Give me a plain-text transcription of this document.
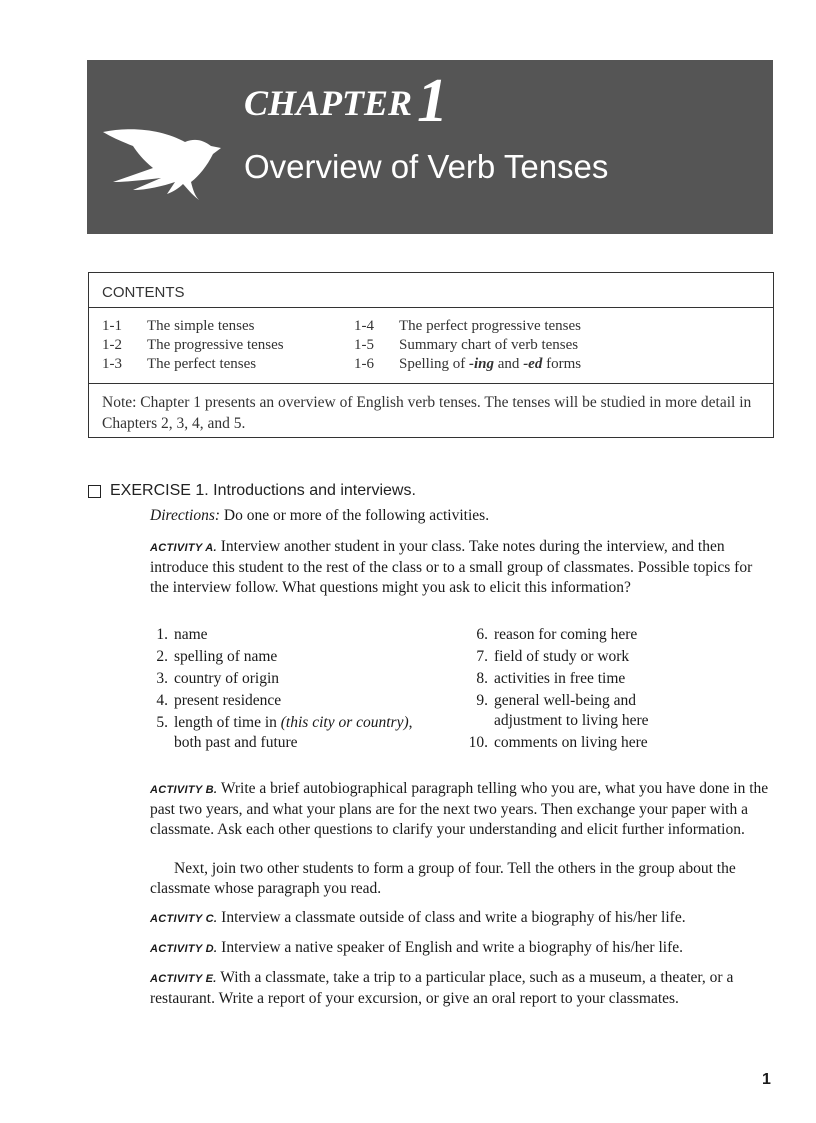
CHAPTER 1
Overview of Verb Tenses
CONTENTS
1-1 The simple tenses
1-2 The progressive tenses
1-3 The perfect tenses
1-4 The perfect progressive tenses
1-5 Summary chart of verb tenses
1-6 Spelling of -ing and -ed forms
Note: Chapter 1 presents an overview of English verb tenses. The tenses will be studied in more detail in Chapters 2, 3, 4, and 5.
EXERCISE 1. Introductions and interviews.
Directions: Do one or more of the following activities.
ACTIVITY A. Interview another student in your class. Take notes during the interview, and then introduce this student to the rest of the class or to a small group of classmates. Possible topics for the interview follow. What questions might you ask to elicit this information?
1. name
2. spelling of name
3. country of origin
4. present residence
5. length of time in (this city or country),
both past and future
6. reason for coming here
7. field of study or work
8. activities in free time
9. general well-being and
adjustment to living here
10. comments on living here
ACTIVITY B. Write a brief autobiographical paragraph telling who you are, what you have done in the past two years, and what your plans are for the next two years. Then exchange your paper with a classmate. Ask each other questions to clarify your understanding and elicit further information.
Next, join two other students to form a group of four. Tell the others in the group about the classmate whose paragraph you read.
ACTIVITY C. Interview a classmate outside of class and write a biography of his/her life.
ACTIVITY D. Interview a native speaker of English and write a biography of his/her life.
ACTIVITY E. With a classmate, take a trip to a particular place, such as a museum, a theater, or a restaurant. Write a report of your excursion, or give an oral report to your classmates.
1
